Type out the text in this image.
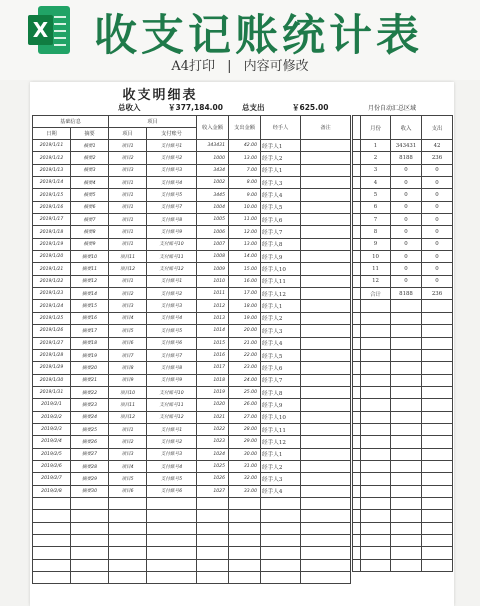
X 收支记账统计表
A4打印 | 内容可修改
收支明细表
总收入	￥377,184.00	总支出	￥625.00	月份自动汇总区域
基础信息		项目		收入金额	支出金额	经手人	备注
日期	摘要	项目	支付账号				
2019/1/11	摘要1	项目1	支付账号1	343431	42.00	经手人1	
2019/1/12	摘要2	项目2	支付账号2	1000	13.00	经手人2	
2019/1/13	摘要3	项目3	支付账号3	3434	7.00	经手人1	
2019/1/14	摘要4	项目1	支付账号4	1002	8.00	经手人3	
2019/1/15	摘要5	项目1	支付账号5	3445	9.00	经手人4	
2019/1/16	摘要6	项目1	支付账号7	1004	10.00	经手人5	
2019/1/17	摘要7	项目1	支付账号8	1005	11.00	经手人6	
2019/1/18	摘要8	项目1	支付账号9	1006	12.00	经手人7	
2019/1/19	摘要9	项目1	支付账号10	1007	13.00	经手人8	
2019/1/20	摘要10	项目11	支付账号11	1008	14.00	经手人9	
2019/1/21	摘要11	项目12	支付账号12	1009	15.00	经手人10	
2019/1/22	摘要12	项目1	支付账号1	1010	16.00	经手人11	
2019/1/23	摘要14	项目2	支付账号2	1011	17.00	经手人12	
2019/1/24	摘要15	项目3	支付账号3	1012	18.00	经手人1	
2019/1/25	摘要16	项目4	支付账号4	1013	19.00	经手人2	
2019/1/26	摘要17	项目5	支付账号5	1014	20.00	经手人3	
2019/1/27	摘要18	项目6	支付账号6	1015	21.00	经手人4	
2019/1/28	摘要19	项目7	支付账号7	1016	22.00	经手人5	
2019/1/29	摘要20	项目8	支付账号8	1017	23.00	经手人6	
2019/1/30	摘要21	项目9	支付账号9	1018	24.00	经手人7	
2019/1/31	摘要22	项目10	支付账号10	1019	25.00	经手人8	
2019/2/1	摘要23	项目11	支付账号11	1020	26.00	经手人9	
2019/2/2	摘要24	项目12	支付账号12	1021	27.00	经手人10	
2019/2/3	摘要25	项目1	支付账号1	1022	28.00	经手人11	
2019/2/4	摘要26	项目2	支付账号2	1023	29.00	经手人12	
2019/2/5	摘要27	项目3	支付账号3	1024	30.00	经手人1	
2019/2/6	摘要28	项目4	支付账号4	1025	31.00	经手人2	
2019/2/7	摘要29	项目5	支付账号5	1026	32.00	经手人3	
2019/2/8	摘要30	项目6	支付账号6	1027	33.00	经手人4	

	月份	收入	支出
	1	343431	42
	2	8188	236
	3	0	0
	4	0	0
	5	0	0
	6	0	0
	7	0	0
	8	0	0
	9	0	0
	10	0	0
	11	0	0
	12	0	0
	合计	8188	236
